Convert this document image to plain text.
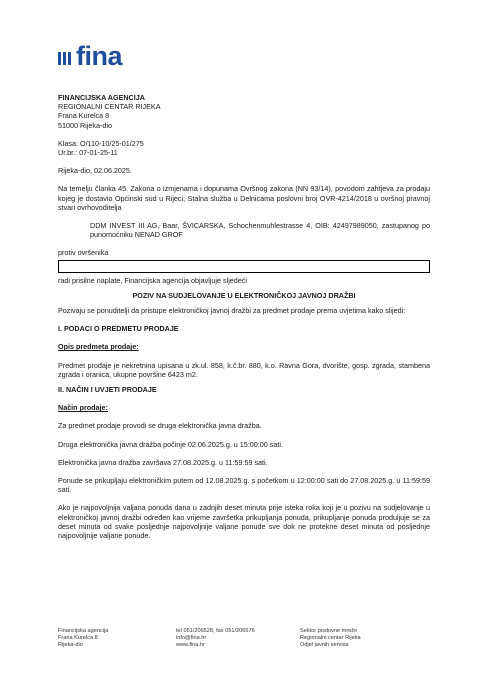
fina

FINANCIJSKA AGENCIJA

REGIONALNI CENTAR RIJEKA

Frana Kurelca 8

51000 Rijeka-dio

Klasa: O/110-10/25-01/275

Ur.br.: 07-01-25-11

Rijeka-dio, 02.06.2025.

Na temelju članka 45. Zakona o izmjenama i dopunama Ovršnog zakona (NN 93/14), povodom zahtjeva za prodaju kojeg je dostavio Općinski sud u Rijeci, Stalna služba u Delnicama poslovni broj OVR-4214/2018 u ovršnoj pravnoj stvari ovrhovoditelja

DDM INVEST III AG, Baar, ŠVICARSKA, Schochenmuhlestrasse 4, OIB: 42497989050, zastupanog po punomoćniku NENAD GROF

protiv ovršenika

radi prisilne naplate, Financijska agencija objavljuje sljedeći

POZIV NA SUDJELOVANJE U ELEKTRONIČKOJ JAVNOJ DRAŽBI

Pozivaju se ponuditelji da pristupe elektroničkoj javnoj dražbi za predmet prodaje prema uvjetima kako slijedi:

I. PODACI O PREDMETU PRODAJE

Opis predmeta prodaje:

Predmet prodaje je nekretnina upisana u zk.ul. 858, k.č.br. 880, k.o. Ravna Gora, dvorište, gosp. zgrada, stambena zgrada i oranica, ukupne površine 6423 m2.

II. NAČIN I UVJETI PRODAJE

Način prodaje:

Za predmet prodaje provodi se druga elektronička javna dražba.

Druga elektronička javna dražba počinje 02.06.2025.g. u 15:00:00 sati.

Elektronička javna dražba završava 27.08.2025.g. u 11:59:59 sati.

Ponude se prikupljaju elektroničkim putem od 12.08.2025.g. s početkom u 12:00:00 sati do 27.08.2025.g. u 11:59:59 sati.

Ako je najpovoljnija valjana ponuda dana u zadnjih deset minuta prije isteka roka koji je u pozivu na sudjelovanje u elektroničkoj javnoj dražbi određen kao vrijeme završetka prikupljanja ponuda, prikupljanje ponuda produljuje se za deset minuta od svake posljednje najpovoljnije valjane ponude sve dok ne protekne deset minuta od posljednje najpovoljnije valjane ponude.

Financijska agencija
Frana Kurelca 8
Rijeka-dio
tel 051/206528, fax 051/206576
info@fina.hr
www.fina.hr
Sektor poslovne mreže
Regionalni centar Rijeka
Odjel javnih servisa
